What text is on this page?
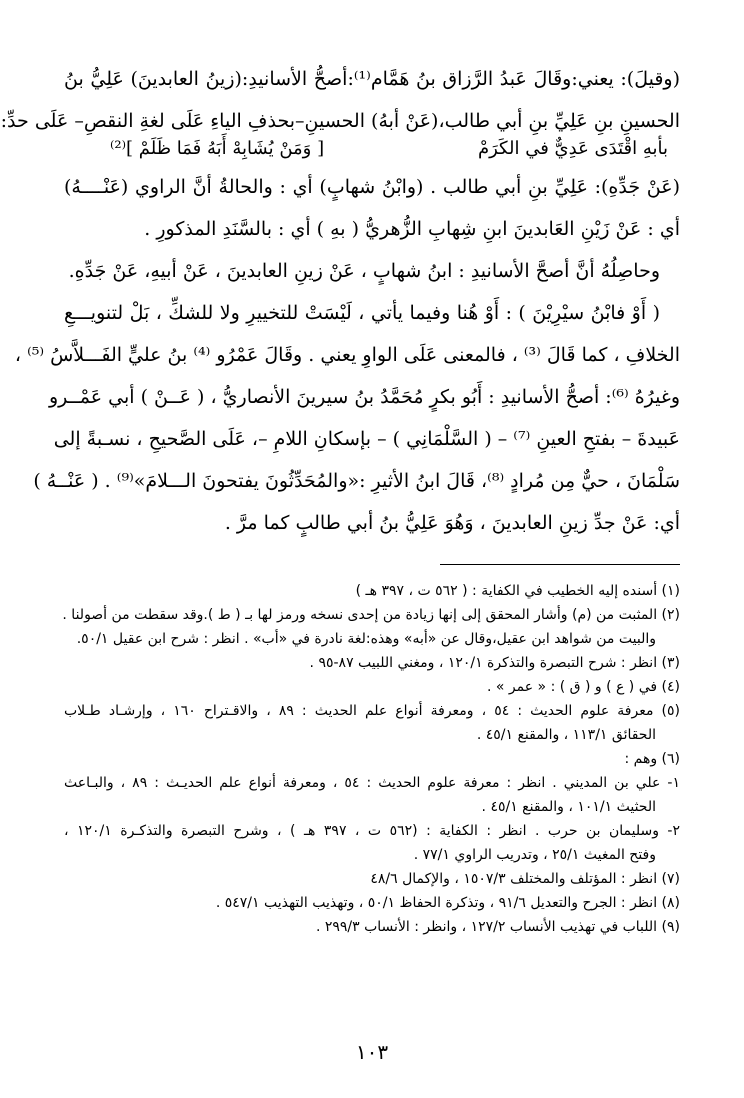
(وقيلَ): يعني:وقَالَ عَبدُ الرَّزاق بنُ هَمَّام⁽¹⁾:أصحُّ الأسانيدِ:(زينُ العابدينَ) عَلِيُّ بنُ
الحسينِ بنِ عَلِيِّ بنِ أبي طالب،(عَنْ أبهُ) الحسينِ–بحذفِ الياءِ عَلَى لغةِ النقصِ– عَلَى حدِّ:
بأبهِ اقْتَدَى عَدِيٌّ في الكَرَمْ
[ وَمَنْ يُشَابِهْ أَبَهُ فَمَا ظَلَمْ ]⁽²⁾
(عَنْ جَدِّهِ): عَلِيِّ بنِ أبي طالب . (وابْنُ شهابٍ) أي : والحالةُ أنَّ الراوي (عَنْــــهُ)
أي : عَنْ زَيْنِ العَابدينَ ابنِ شِهابِ الزُّهريُّ ( بهِ ) أي : بالسَّنَدِ المذكورِ .
وحاصِلُهُ أنَّ أصحَّ الأسانيدِ : ابنُ شهابٍ ، عَنْ زينِ العابدينَ ، عَنْ أبيهِ، عَنْ جَدِّهِ.
( أَوْ فابْنُ سيْرِيْنَ ) : أَوْ هُنا وفيما يأتي ، لَيْسَتْ للتخييرِ ولا للشكِّ ، بَلْ لتنويـــعِ
الخلافِ ، كما قَالَ ⁽³⁾ ، فالمعنى عَلَى الواوِ يعني . وقَالَ عَمْرُو ⁽⁴⁾ بنُ عليٍّ الفَـــلاَّسُ ⁽⁵⁾ ،
وغيرُهُ ⁽⁶⁾: أصحُّ الأسانيدِ : أَبُو بكرٍ مُحَمَّدُ بنُ سيرينَ الأنصاريُّ ، ( عَــنْ ) أبي عَمْــرو
عَبيدةَ – بفتحِ العينِ ⁽⁷⁾ – ( السَّلْمَانِي ) – بإسكانِ اللامِ –، عَلَى الصَّحيحِ ، نسـبةً إلى
سَلْمَانَ ، حيٌّ مِن مُرادٍ ⁽⁸⁾، قَالَ ابنُ الأثيرِ :«والمُحَدِّثُونَ يفتحونَ الـــلامَ»⁽⁹⁾ . ( عَنْــهُ )
أي: عَنْ جدِّ زينِ العابدينَ ، وَهُوَ عَلِيُّ بنُ أبي طالبٍ كما مرَّ .
(١) أسنده إليه الخطيب في الكفاية : ( ٥٦٢ ت ، ٣٩٧ هـ )
(٢) المثبت من (م) وأشار المحقق إلى إنها زيادة من إحدى نسخه ورمز لها بـ ( ط ).وقد سقطت من أصولنا .
والبيت من شواهد ابن عقيل،وقال عن «أبه» وهذه:لغة نادرة في «أب» . انظر : شرح ابن عقيل ٥٠/١.
(٣) انظر : شرح التبصرة والتذكرة ١٢٠/١ ، ومغني اللبيب ٨٧-٩٥ .
(٤) في ( ع ) و ( ق ) : « عمر » .
(٥) معرفة علوم الحديث : ٥٤ ، ومعرفة أنواع علم الحديث : ٨٩ ، والاقـتراح ١٦٠ ، وإرشـاد طـلاب
الحقائق ١١٣/١ ، والمقنع ٤٥/١ .
(٦) وهم :
١- علي بن المديني . انظر : معرفة علوم الحديث : ٥٤ ، ومعرفة أنواع علم الحديـث : ٨٩ ، والبـاعث
الحثيث ١٠١/١ ، والمقنع ٤٥/١ .
٢- وسليمان بن حرب . انظر : الكفاية : (٥٦٢ ت ، ٣٩٧ هـ ) ، وشرح التبصرة والتذكـرة ١٢٠/١ ،
وفتح المغيث ٢٥/١ ، وتدريب الراوي ٧٧/١ .
(٧) انظر : المؤتلف والمختلف ١٥٠٧/٣ ، والإكمال ٤٨/٦
(٨) انظر : الجرح والتعديل ٩١/٦ ، وتذكرة الحفاظ ٥٠/١ ، وتهذيب التهذيب ٥٤٧/١ .
(٩) اللباب في تهذيب الأنساب ١٢٧/٢ ، وانظر : الأنساب ٢٩٩/٣ .
١٠٣
